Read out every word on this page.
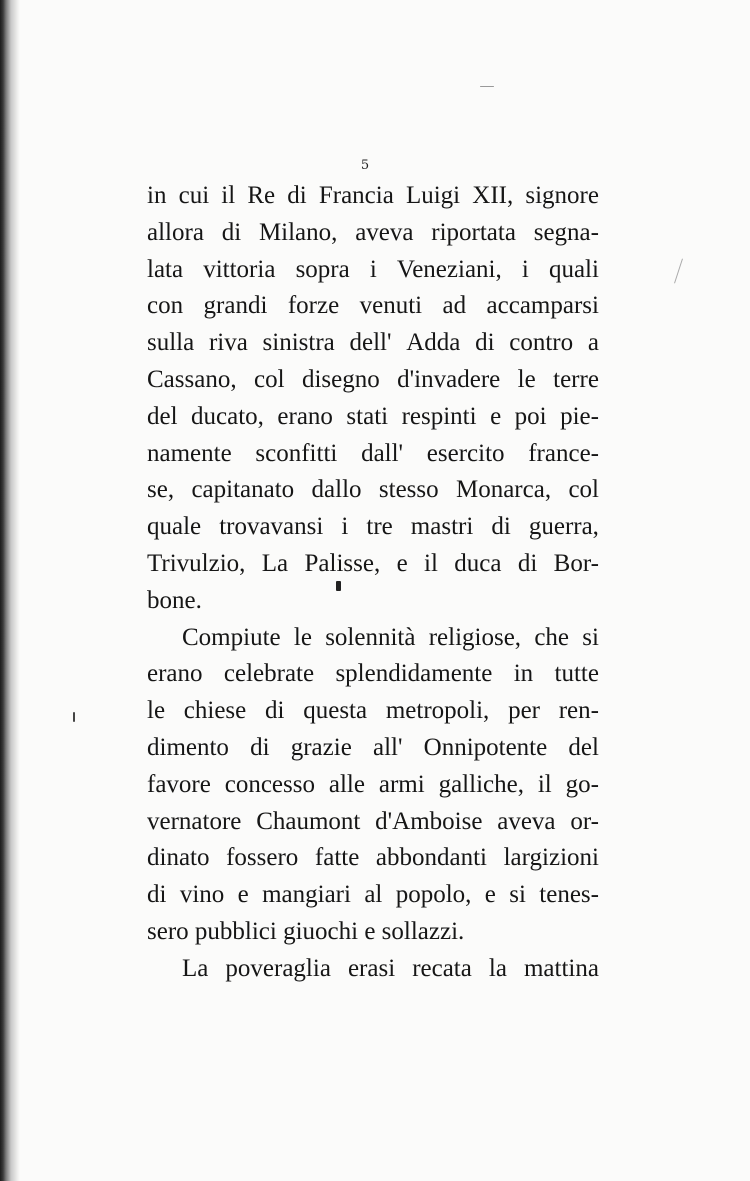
5
in cui il Re di Francia Luigi XII, signore
allora di Milano, aveva riportata segna-
lata vittoria sopra i Veneziani, i quali
con grandi forze venuti ad accamparsi
sulla riva sinistra dell' Adda di contro a
Cassano, col disegno d'invadere le terre
del ducato, erano stati respinti e poi pie-
namente sconfitti dall' esercito france-
se, capitanato dallo stesso Monarca, col
quale trovavansi i tre mastri di guerra,
Trivulzio, La Palisse, e il duca di Bor-
bone.
Compiute le solennità religiose, che si
erano celebrate splendidamente in tutte
le chiese di questa metropoli, per ren-
dimento di grazie all' Onnipotente del
favore concesso alle armi galliche, il go-
vernatore Chaumont d'Amboise aveva or-
dinato fossero fatte abbondanti largizioni
di vino e mangiari al popolo, e si tenes-
sero pubblici giuochi e sollazzi.
La poveraglia erasi recata la mattina
